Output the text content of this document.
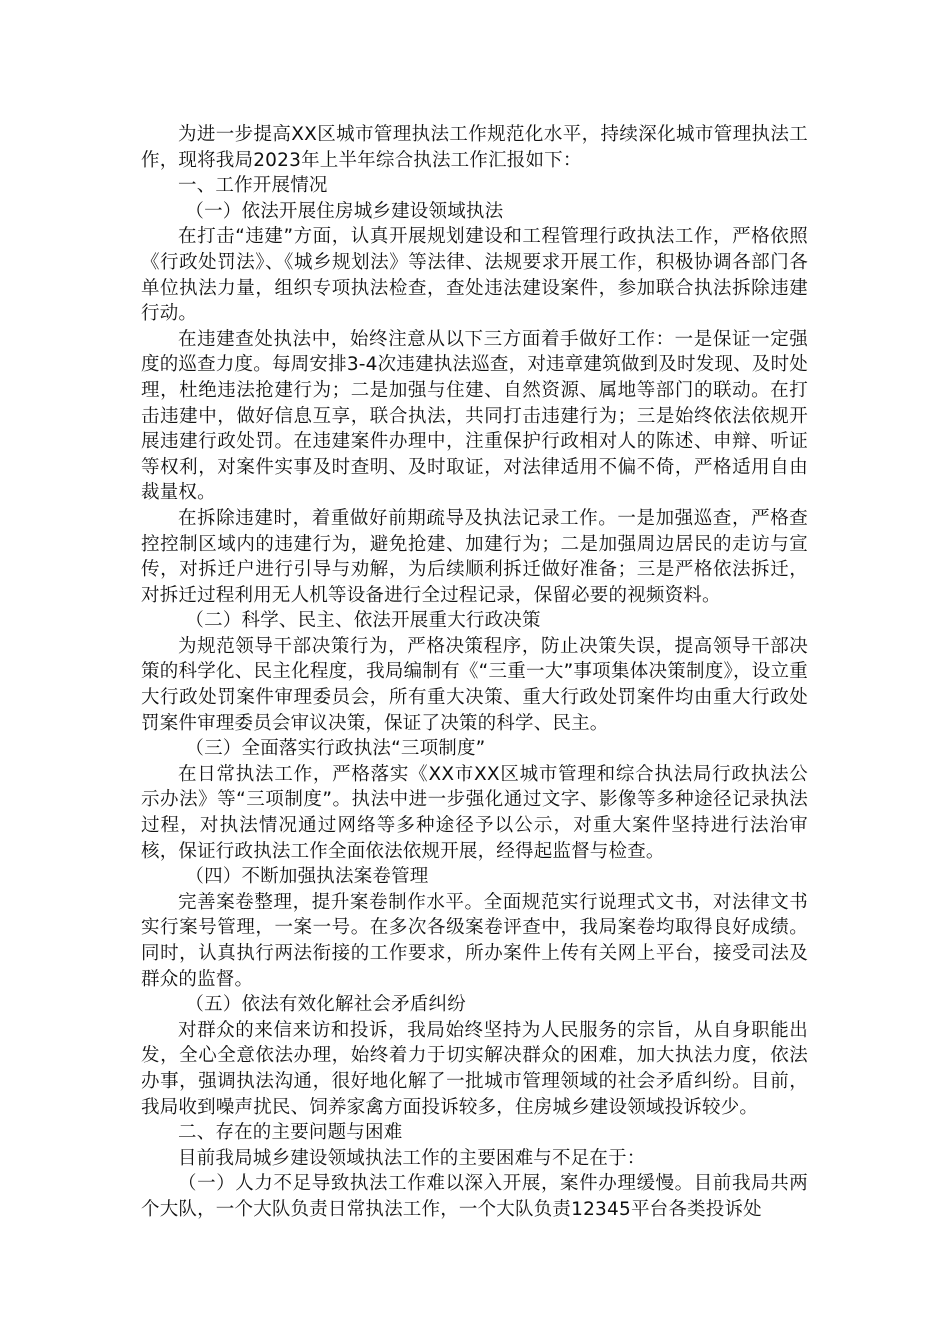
为进一步提高XX区城市管理执法工作规范化水平，持续深化城市管理执法工作，现将我局2023年上半年综合执法工作汇报如下：

一、工作开展情况
（一）依法开展住房城乡建设领域执法

在打击“违建”方面，认真开展规划建设和工程管理行政执法工作，严格依照《行政处罚法》、《城乡规划法》等法律、法规要求开展工作，积极协调各部门各单位执法力量，组织专项执法检查，查处违法建设案件，参加联合执法拆除违建行动。

在违建查处执法中，始终注意从以下三方面着手做好工作：一是保证一定强度的巡查力度。每周安排3-4次违建执法巡查，对违章建筑做到及时发现、及时处理，杜绝违法抢建行为；二是加强与住建、自然资源、属地等部门的联动。在打击违建中，做好信息互享，联合执法，共同打击违建行为；三是始终依法依规开展违建行政处罚。在违建案件办理中，注重保护行政相对人的陈述、申辩、听证等权利，对案件实事及时查明、及时取证，对法律适用不偏不倚，严格适用自由裁量权。

在拆除违建时，着重做好前期疏导及执法记录工作。一是加强巡查，严格查控控制区域内的违建行为，避免抢建、加建行为；二是加强周边居民的走访与宣传，对拆迁户进行引导与劝解，为后续顺利拆迁做好准备；三是严格依法拆迁，对拆迁过程利用无人机等设备进行全过程记录，保留必要的视频资料。

（二）科学、民主、依法开展重大行政决策

为规范领导干部决策行为，严格决策程序，防止决策失误，提高领导干部决策的科学化、民主化程度，我局编制有《“三重一大”事项集体决策制度》，设立重大行政处罚案件审理委员会，所有重大决策、重大行政处罚案件均由重大行政处罚案件审理委员会审议决策，保证了决策的科学、民主。

（三）全面落实行政执法“三项制度”

在日常执法工作，严格落实《XX市XX区城市管理和综合执法局行政执法公示办法》等“三项制度”。执法中进一步强化通过文字、影像等多种途径记录执法过程，对执法情况通过网络等多种途径予以公示，对重大案件坚持进行法治审核，保证行政执法工作全面依法依规开展，经得起监督与检查。

（四）不断加强执法案卷管理

完善案卷整理，提升案卷制作水平。全面规范实行说理式文书，对法律文书实行案号管理，一案一号。在多次各级案卷评查中，我局案卷均取得良好成绩。同时，认真执行两法衔接的工作要求，所办案件上传有关网上平台，接受司法及群众的监督。

（五）依法有效化解社会矛盾纠纷

对群众的来信来访和投诉，我局始终坚持为人民服务的宗旨，从自身职能出发，全心全意依法办理，始终着力于切实解决群众的困难，加大执法力度，依法办事，强调执法沟通，很好地化解了一批城市管理领域的社会矛盾纠纷。目前，我局收到噪声扰民、饲养家禽方面投诉较多，住房城乡建设领域投诉较少。

二、存在的主要问题与困难

目前我局城乡建设领域执法工作的主要困难与不足在于：

（一）人力不足导致执法工作难以深入开展，案件办理缓慢。目前我局共两个大队，一个大队负责日常执法工作，一个大队负责12345平台各类投诉处
